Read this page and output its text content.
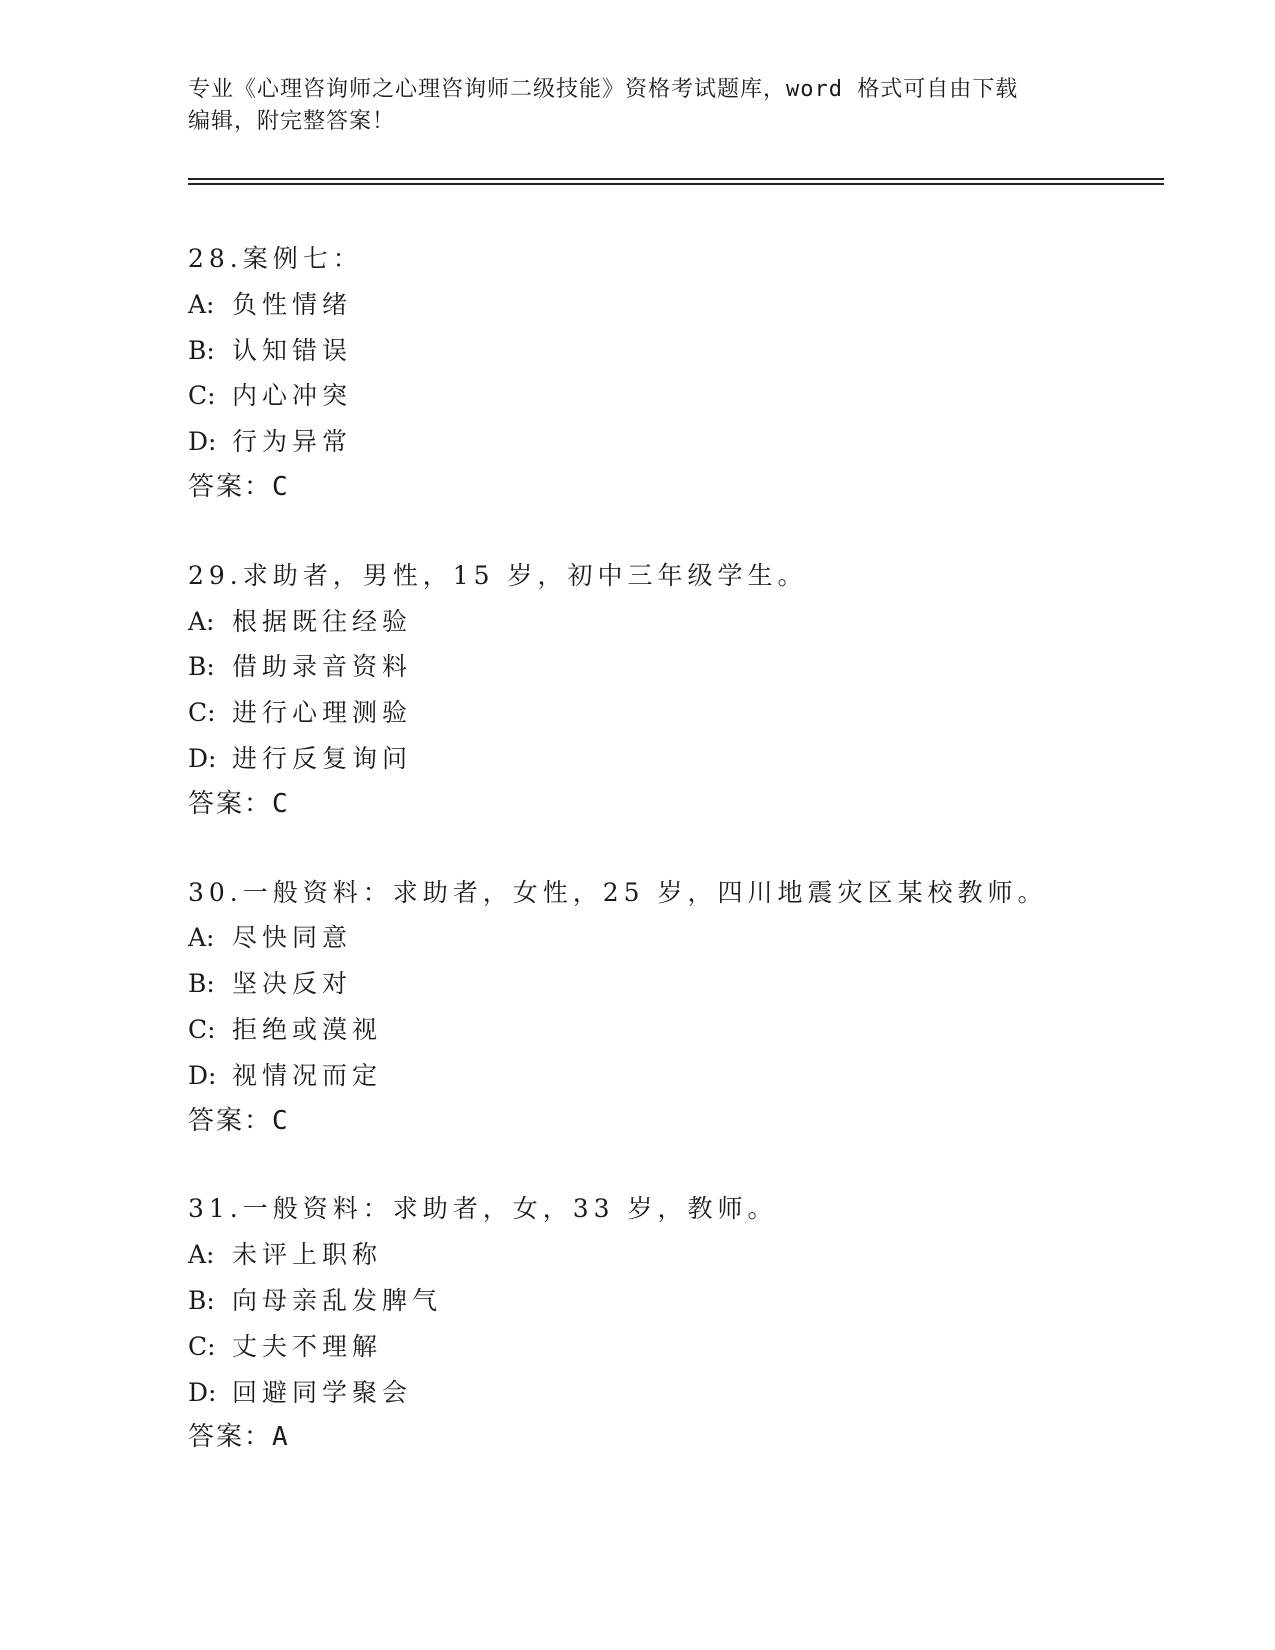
专业《心理咨询师之心理咨询师二级技能》资格考试题库，word 格式可自由下载
编辑，附完整答案！
28.案例七：
A: 负性情绪
B: 认知错误
C: 内心冲突
D: 行为异常
答案：C
29.求助者，男性，15 岁，初中三年级学生。
A: 根据既往经验
B: 借助录音资料
C: 进行心理测验
D: 进行反复询问
答案：C
30.一般资料：求助者，女性，25 岁，四川地震灾区某校教师。
A: 尽快同意
B: 坚决反对
C: 拒绝或漠视
D: 视情况而定
答案：C
31.一般资料：求助者，女，33 岁，教师。
A: 未评上职称
B: 向母亲乱发脾气
C: 丈夫不理解
D: 回避同学聚会
答案：A
